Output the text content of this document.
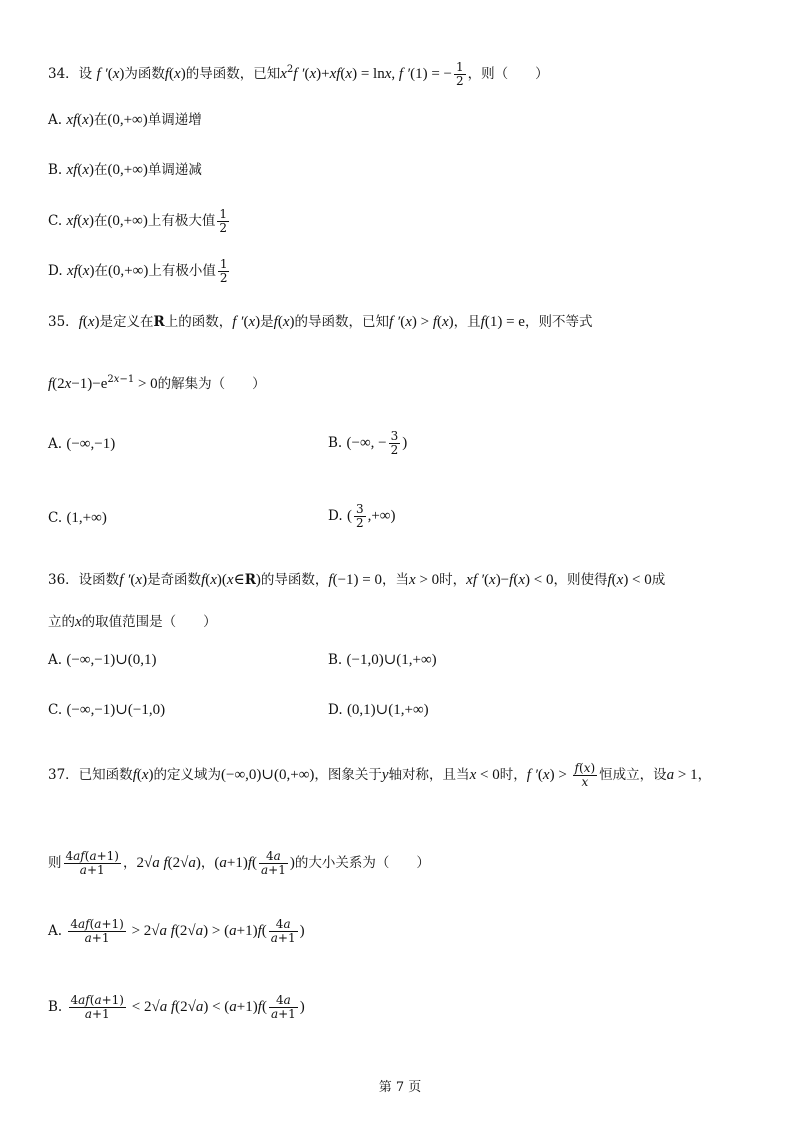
34．设 f ′(x)为函数f(x)的导函数，已知$x^2f$ ′(x)+xf(x) = lnx, f ′(1) = − $\frac{1}{2}$ ，则（　　）
A. xf(x)在(0,+∞)单调递增
B. xf(x)在(0,+∞)单调递减
C. xf(x)在(0,+∞)上有极大值 $\frac{1}{2}$
D. xf(x)在(0,+∞)上有极小值 $\frac{1}{2}$
35．f(x)是定义在R上的函数，f ′(x)是f(x)的导函数，已知f ′(x) > f(x)，且f(1) = e，则不等式
$f(2x-1)-e^{2x-1} > 0$的解集为（　　）
A. (−∞,−1)	B. (−∞, − $\frac{3}{2}$ )
C. (1,+∞)	D. ( $\frac{3}{2}$ ,+∞)
36．设函数f ′(x)是奇函数f(x)(x∈R)的导函数，f(−1) = 0，当x > 0时，xf ′(x)−f(x) < 0，则使得f(x) < 0成
立的x的取值范围是（　　）
A. (−∞,−1)∪(0,1)	B. (−1,0)∪(1,+∞)
C. (−∞,−1)∪(−1,0)	D. (0,1)∪(1,+∞)
37．已知函数f(x)的定义域为(−∞,0)∪(0,+∞)，图象关于y轴对称，且当x < 0时，f $'(x) > \frac{f(x)}{x}$ 恒成立，设a > 1，
则 $\frac{4af(a+1)}{a+1}$ ，2√a f(2√a)，$(a+1)f( \frac{4a}{a+1}$ )的大小关系为（　　）
A. $\frac{4af(a+1)}{a+1} > 2√a$ $f(2√a) > (a+1)f( \frac{4a}{a+1}$ )
B. $\frac{4af(a+1)}{a+1} < 2√a$ $f(2√a) < (a+1)f( \frac{4a}{a+1}$ )
第 7 页
